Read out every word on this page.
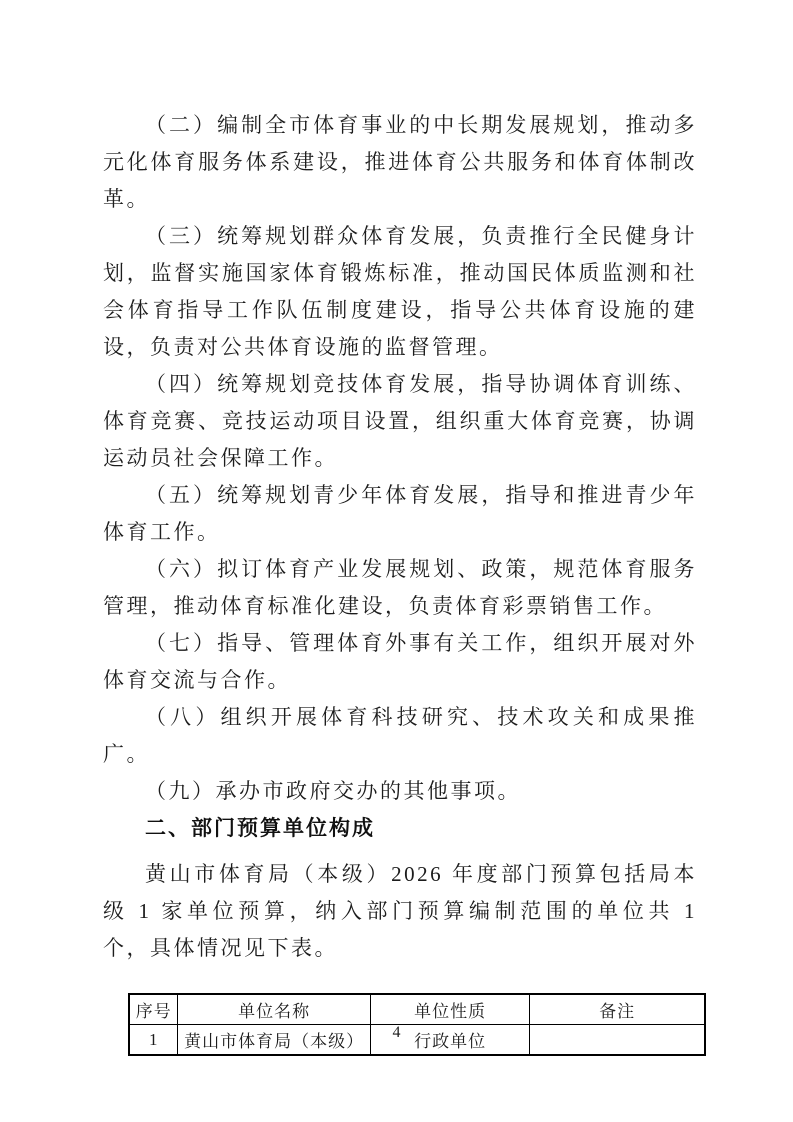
（二）编制全市体育事业的中长期发展规划，推动多元化体育服务体系建设，推进体育公共服务和体育体制改革。

（三）统筹规划群众体育发展，负责推行全民健身计划，监督实施国家体育锻炼标准，推动国民体质监测和社会体育指导工作队伍制度建设，指导公共体育设施的建设，负责对公共体育设施的监督管理。

（四）统筹规划竞技体育发展，指导协调体育训练、体育竞赛、竞技运动项目设置，组织重大体育竞赛，协调运动员社会保障工作。

（五）统筹规划青少年体育发展，指导和推进青少年体育工作。

（六）拟订体育产业发展规划、政策，规范体育服务管理，推动体育标准化建设，负责体育彩票销售工作。

（七）指导、管理体育外事有关工作，组织开展对外体育交流与合作。

（八）组织开展体育科技研究、技术攻关和成果推广。

（九）承办市政府交办的其他事项。

二、部门预算单位构成

黄山市体育局（本级）2026 年度部门预算包括局本级 1 家单位预算，纳入部门预算编制范围的单位共 1 个，具体情况见下表。

序号	单位名称	单位性质	备注
1	黄山市体育局（本级）	行政单位	
4
